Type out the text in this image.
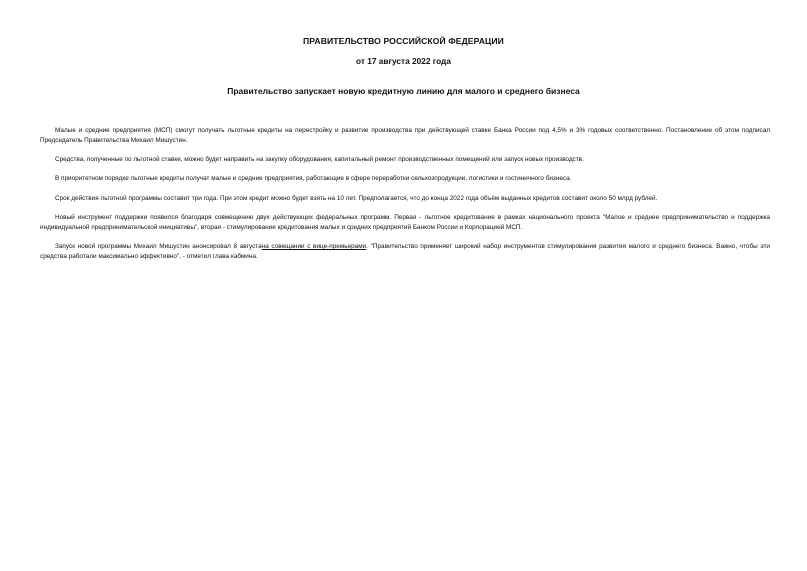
ПРАВИТЕЛЬСТВО РОССИЙСКОЙ ФЕДЕРАЦИИ
от 17 августа 2022 года
Правительство запускает новую кредитную линию для малого и среднего бизнеса

Малые и средние предприятия (МСП) смогут получать льготные кредиты на перестройку и развитие производства при действующей ставке Банка России под 4,5% и 3% годовых соответственно. Постановление об этом подписал Председатель Правительства Михаил Мишустин.

Средства, полученные по льготной ставке, можно будет направить на закупку оборудования, капитальный ремонт производственных помещений или запуск новых производств.

В приоритетном порядке льготные кредиты получат малые и средние предприятия, работающие в сфере переработки сельхозпродукции, логистики и гостиничного бизнеса.

Срок действия льготной программы составит три года. При этом кредит можно будет взять на 10 лет. Предполагается, что до конца 2022 года объём выданных кредитов составит около 50 млрд рублей.

Новый инструмент поддержки появился благодаря совмещению двух действующих федеральных программ. Первая - льготное кредитование в рамках национального проекта "Малое и среднее предпринимательство и поддержка индивидуальной предпринимательской инициативы", вторая - стимулирование кредитования малых и средних предприятий Банком России и Корпорацией МСП.

Запуск новой программы Михаил Мишустин анонсировал 8 августана совещании с вице-премьерами. "Правительство применяет широкий набор инструментов стимулирования развития малого и среднего бизнеса. Важно, чтобы эти средства работали максимально эффективно", - отметил глава кабмина.
